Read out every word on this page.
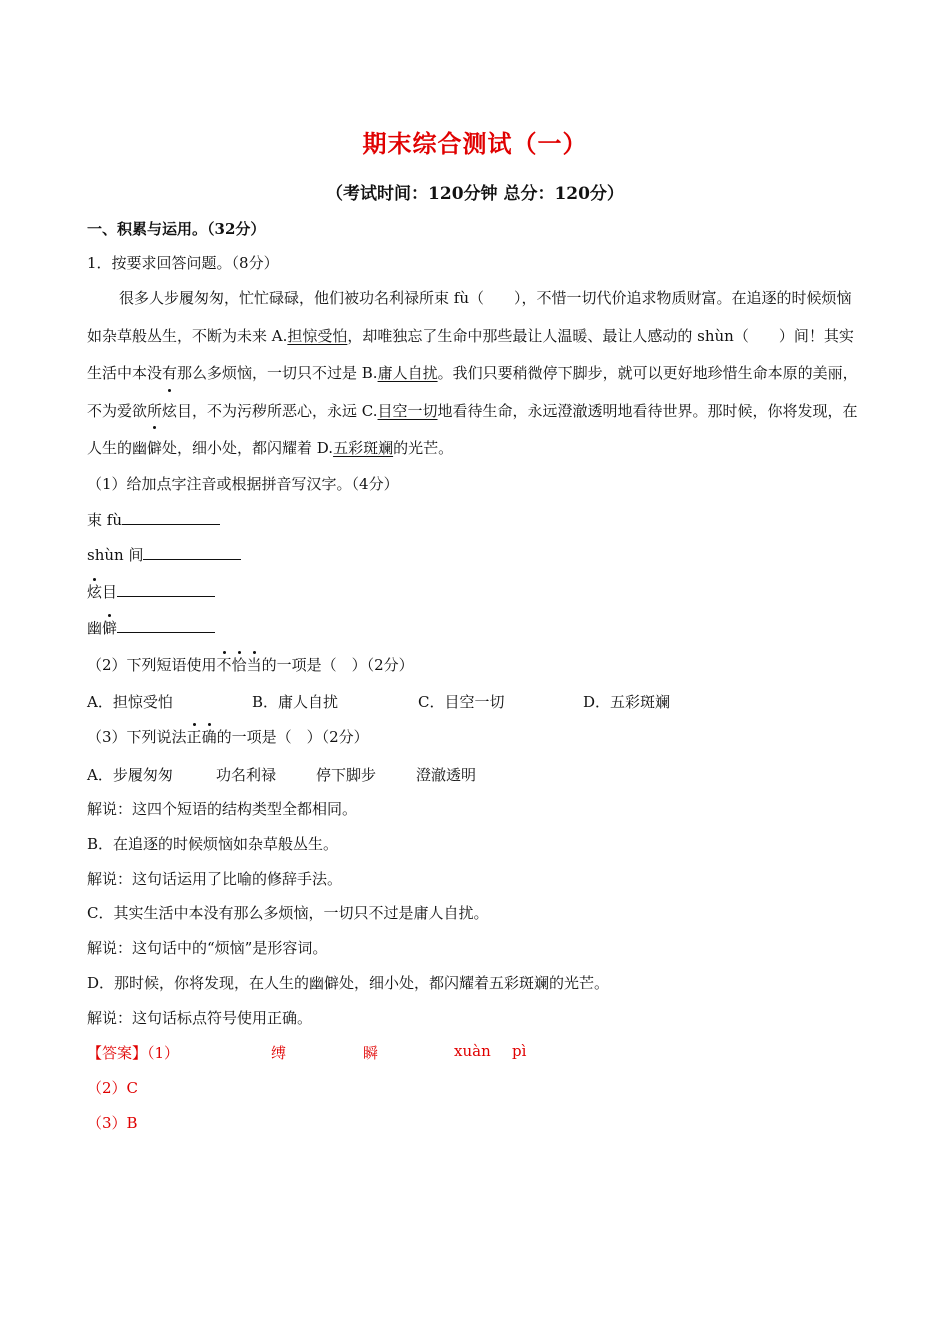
期末综合测试（一）
（考试时间：120分钟 总分：120分）
一、积累与运用。（32分）
1．按要求回答问题。（8分）
很多人步履匆匆，忙忙碌碌，他们被功名利禄所束 fù（　　），不惜一切代价追求物质财富。在追逐的时候烦恼如杂草般丛生，不断为未来 A.担惊受怕，却唯独忘了生命中那些最让人温暖、最让人感动的 shùn（　　）间！其实生活中本没有那么多烦恼，一切只不过是 B.庸人自扰。我们只要稍微停下脚步，就可以更好地珍惜生命本原的美丽，不为爱欲所炫目，不为污秽所恶心，永远 C.目空一切地看待生命，永远澄澈透明地看待世界。那时候，你将发现，在人生的幽僻处，细小处，都闪耀着 D.五彩斑斓的光芒。
（1）给加点字注音或根据拼音写汉字。（4分）
束 fù
shùn 间
炫目
幽僻
（2）下列短语使用不恰当的一项是（　）（2分）
A．担惊受怕	B．庸人自扰	C．目空一切	D．五彩斑斓
（3）下列说法正确的一项是（　）（2分）
A．步履匆匆	功名利禄	停下脚步	澄澈透明
解说：这四个短语的结构类型全都相同。
B．在追逐的时候烦恼如杂草般丛生。
解说：这句话运用了比喻的修辞手法。
C．其实生活中本没有那么多烦恼，一切只不过是庸人自扰。
解说：这句话中的“烦恼”是形容词。
D．那时候，你将发现，在人生的幽僻处，细小处，都闪耀着五彩斑斓的光芒。
解说：这句话标点符号使用正确。
【答案】（1）	缚	瞬	xuàn pì
（2）C
（3）B
